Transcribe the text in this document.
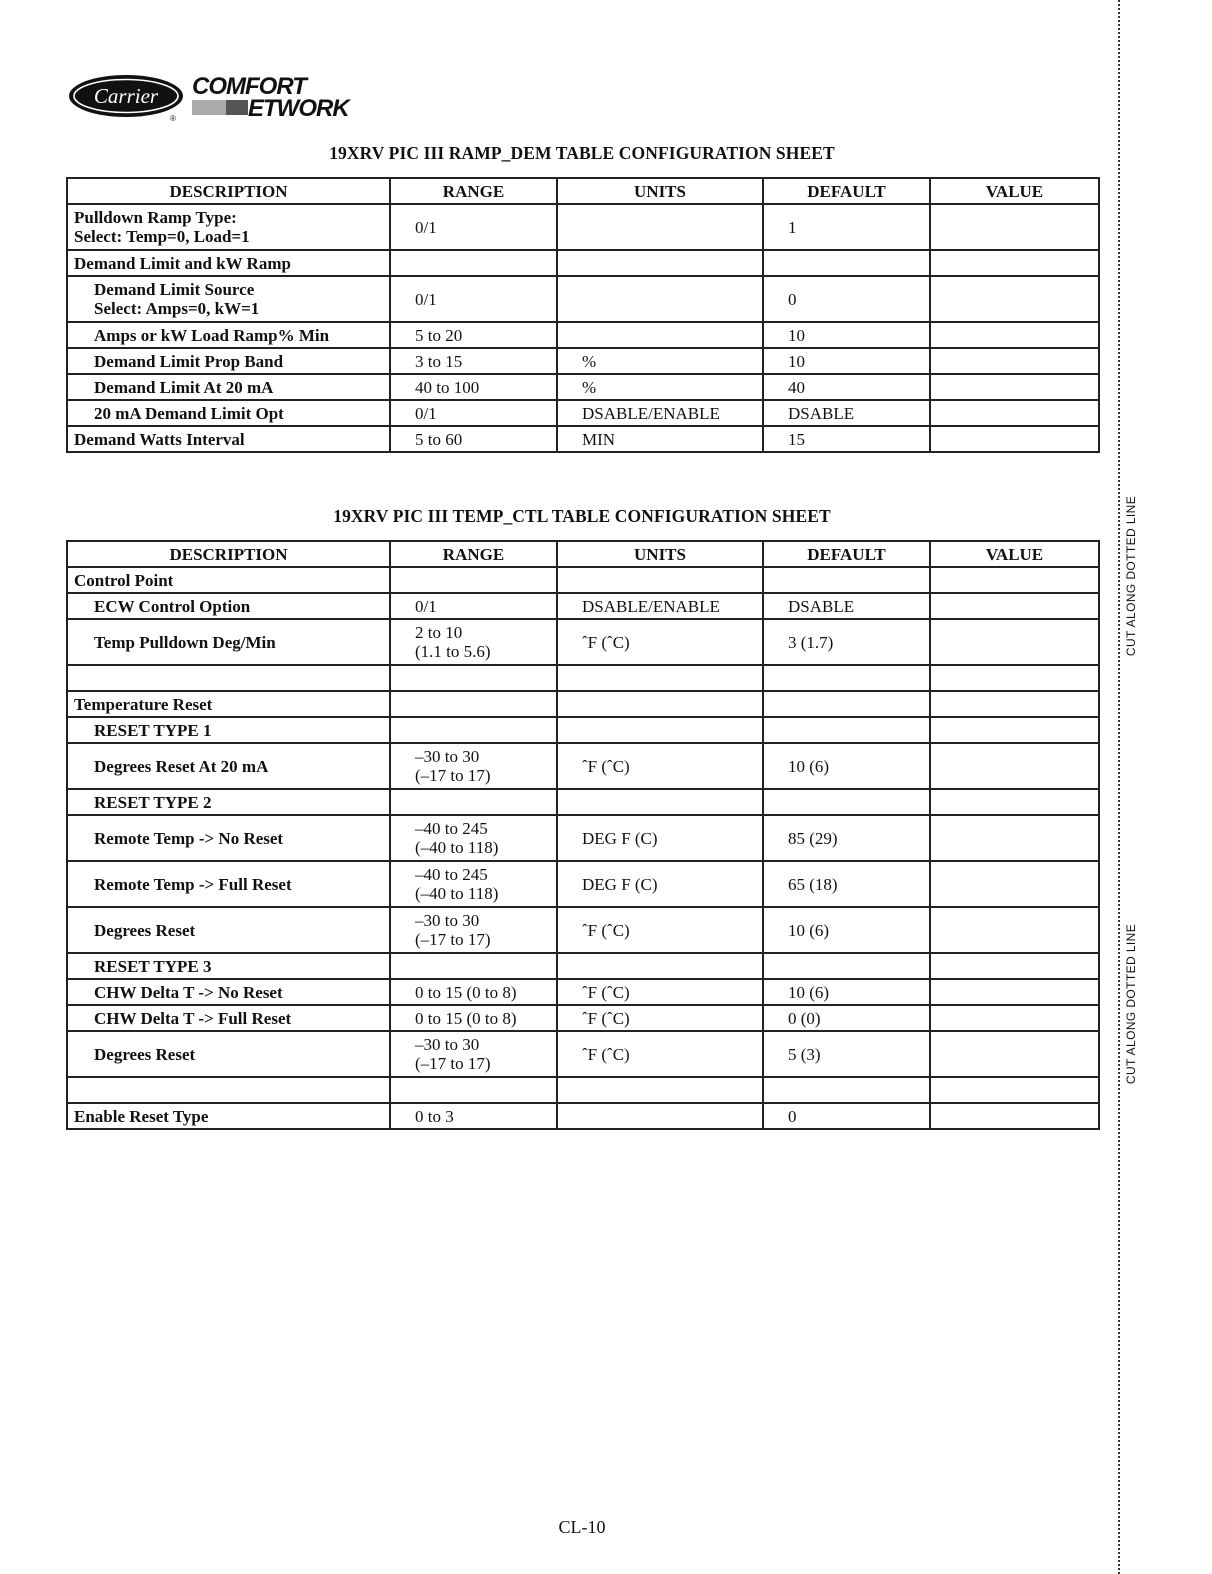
Carrier
®
COMFORT
ETWORK
19XRV PIC III RAMP_DEM TABLE CONFIGURATION SHEET
DESCRIPTION	RANGE	UNITS	DEFAULT	VALUE

Pulldown Ramp Type:
Select: Temp=0, Load=1	0/1		1	

Demand Limit and kW Ramp				

Demand Limit Source
Select: Amps=0, kW=1	0/1		0	

Amps or kW Load Ramp% Min	5 to 20		10	

Demand Limit Prop Band	3 to 15	%	10	

Demand Limit At 20 mA	40 to 100	%	40	

20 mA Demand Limit Opt	0/1	DSABLE/ENABLE	DSABLE	

Demand Watts Interval	5 to 60	MIN	15	
19XRV PIC III TEMP_CTL TABLE CONFIGURATION SHEET
DESCRIPTION	RANGE	UNITS	DEFAULT	VALUE

Control Point				

ECW Control Option	0/1	DSABLE/ENABLE	DSABLE	

Temp Pulldown Deg/Min	2 to 10
(1.1 to 5.6)	ˆF (ˆC)	3 (1.7)	

Temperature Reset				

RESET TYPE 1				

Degrees Reset At 20 mA	–30 to 30
(–17 to 17)	ˆF (ˆC)	10 (6)	

RESET TYPE 2				

Remote Temp -> No Reset	–40 to 245
(–40 to 118)	DEG F (C)	85 (29)	

Remote Temp -> Full Reset	–40 to 245
(–40 to 118)	DEG F (C)	65 (18)	

Degrees Reset	–30 to 30
(–17 to 17)	ˆF (ˆC)	10 (6)	

RESET TYPE 3				

CHW Delta T -> No Reset	0 to 15 (0 to 8)	ˆF (ˆC)	10 (6)	

CHW Delta T -> Full Reset	0 to 15 (0 to 8)	ˆF (ˆC)	0 (0)	

Degrees Reset	–30 to 30
(–17 to 17)	ˆF (ˆC)	5 (3)	

Enable Reset Type	0 to 3		0	
CUT ALONG DOTTED LINE
CUT ALONG DOTTED LINE
CL-10
